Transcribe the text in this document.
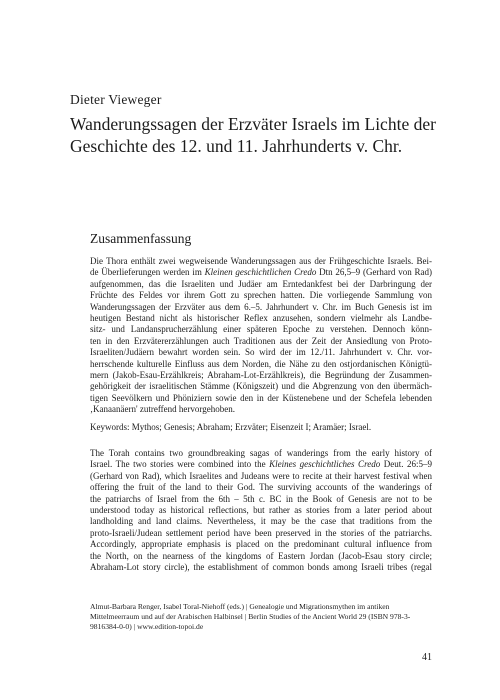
Dieter Vieweger
Wanderungssagen der Erzväter Israels im Lichte der
Geschichte des 12. und 11. Jahrhunderts v. Chr.
Zusammenfassung
Die Thora enthält zwei wegweisende Wanderungssagen aus der Frühgeschichte Israels. Bei-
de Überlieferungen werden im Kleinen geschichtlichen Credo Dtn 26,5–9 (Gerhard von Rad)
aufgenommen, das die Israeliten und Judäer am Erntedankfest bei der Darbringung der
Früchte des Feldes vor ihrem Gott zu sprechen hatten. Die vorliegende Sammlung von
Wanderungssagen der Erzväter aus dem 6.–5. Jahrhundert v. Chr. im Buch Genesis ist im
heutigen Bestand nicht als historischer Reflex anzusehen, sondern vielmehr als Landbe-
sitz- und Landansprucherzählung einer späteren Epoche zu verstehen. Dennoch könn-
ten in den Erzvätererzählungen auch Traditionen aus der Zeit der Ansiedlung von Proto-
Israeliten/Judäern bewahrt worden sein. So wird der im 12./11. Jahrhundert v. Chr. vor-
herrschende kulturelle Einfluss aus dem Norden, die Nähe zu den ostjordanischen Königtü-
mern (Jakob-Esau-Erzählkreis; Abraham-Lot-Erzählkreis), die Begründung der Zusammen-
gehörigkeit der israelitischen Stämme (Königszeit) und die Abgrenzung von den übermäch-
tigen Seevölkern und Phöniziern sowie den in der Küstenebene und der Schefela lebenden
‚Kanaanäern' zutreffend hervorgehoben.
Keywords: Mythos; Genesis; Abraham; Erzväter; Eisenzeit I; Aramäer; Israel.
The Torah contains two groundbreaking sagas of wanderings from the early history of
Israel. The two stories were combined into the Kleines geschichtliches Credo Deut. 26:5–9
(Gerhard von Rad), which Israelites and Judeans were to recite at their harvest festival when
offering the fruit of the land to their God. The surviving accounts of the wanderings of
the patriarchs of Israel from the 6th – 5th c. BC in the Book of Genesis are not to be
understood today as historical reflections, but rather as stories from a later period about
landholding and land claims. Nevertheless, it may be the case that traditions from the
proto-Israeli/Judean settlement period have been preserved in the stories of the patriarchs.
Accordingly, appropriate emphasis is placed on the predominant cultural influence from
the North, on the nearness of the kingdoms of Eastern Jordan (Jacob-Esau story circle;
Abraham-Lot story circle), the establishment of common bonds among Israeli tribes (regal
Almut-Barbara Renger, Isabel Toral-Niehoff (eds.) | Genealogie und Migrationsmythen im antiken
Mittelmeerraum und auf der Arabischen Halbinsel | Berlin Studies of the Ancient World 29 (ISBN 978-3-
9816384-0-0) | www.edition-topoi.de
41
